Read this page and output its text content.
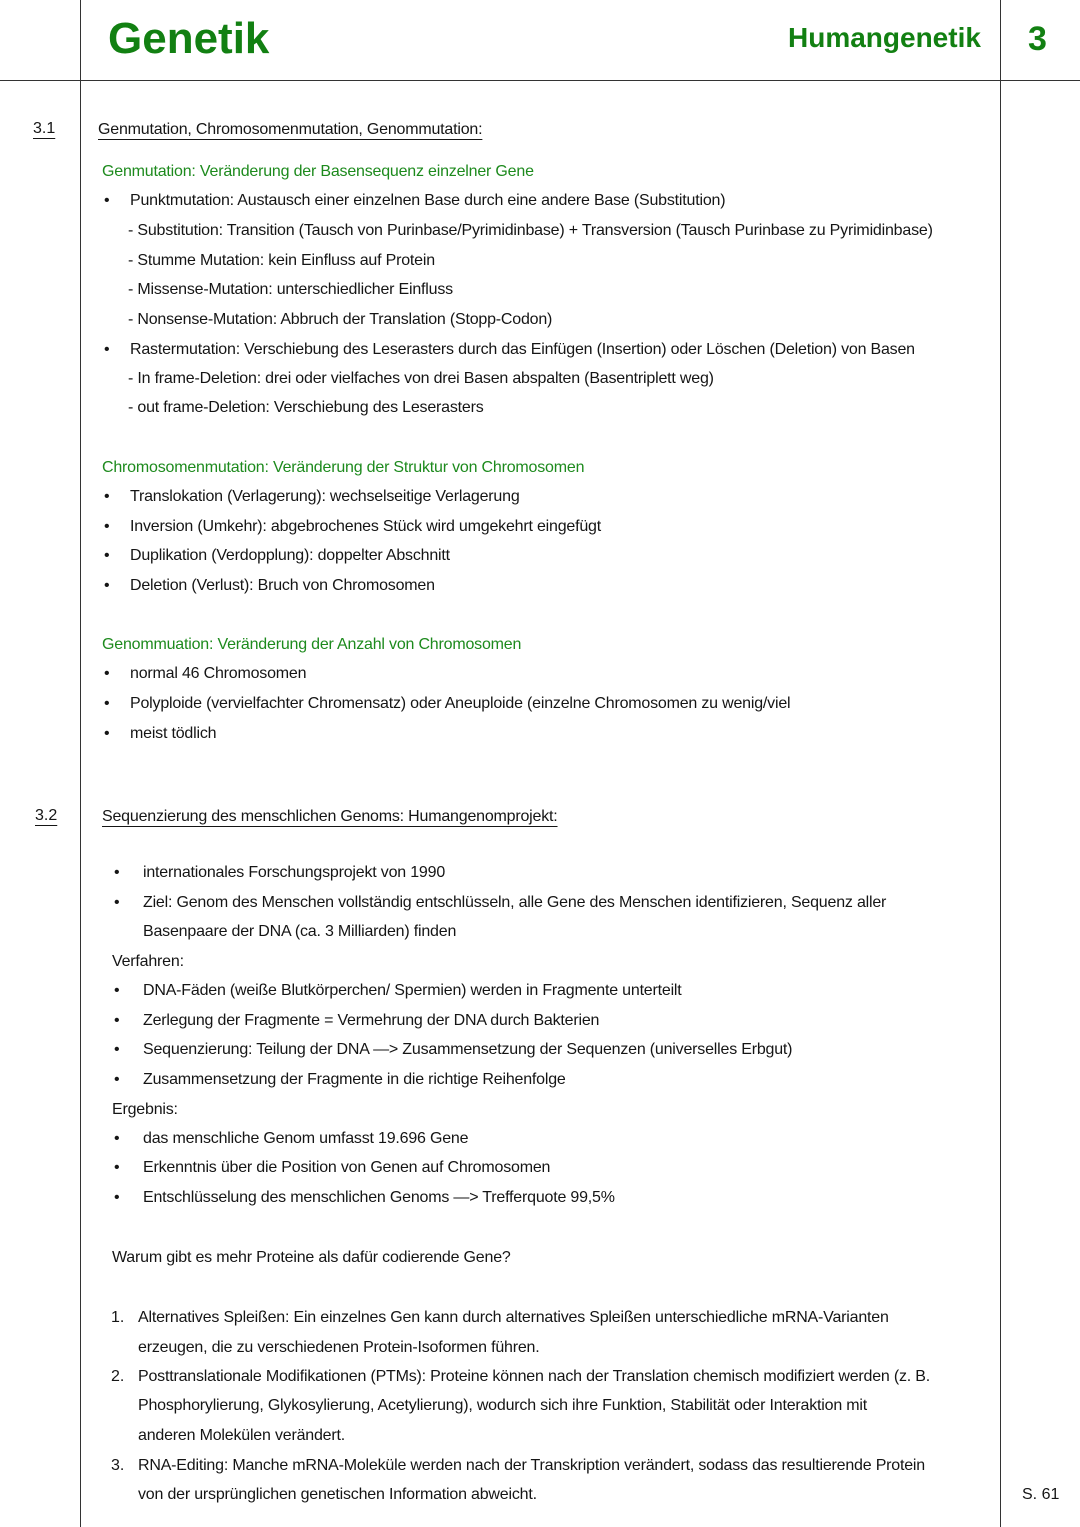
Genetik	Humangenetik 3
3.1
3.2
Genmutation, Chromosomenmutation, Genommutation:
Genmutation: Veränderung der Basensequenz einzelner Gene
• Punktmutation: Austausch einer einzelnen Base durch eine andere Base (Substitution)
- Substitution: Transition (Tausch von Purinbase/Pyrimidinbase) + Transversion (Tausch Purinbase zu Pyrimidinbase)
- Stumme Mutation: kein Einfluss auf Protein
- Missense-Mutation: unterschiedlicher Einfluss
- Nonsense-Mutation: Abbruch der Translation (Stopp-Codon)
• Rastermutation: Verschiebung des Leserasters durch das Einfügen (Insertion) oder Löschen (Deletion) von Basen
- In frame-Deletion: drei oder vielfaches von drei Basen abspalten (Basentriplett weg)
- out frame-Deletion: Verschiebung des Leserasters
Chromosomenmutation: Veränderung der Struktur von Chromosomen
• Translokation (Verlagerung): wechselseitige Verlagerung
• Inversion (Umkehr): abgebrochenes Stück wird umgekehrt eingefügt
• Duplikation (Verdopplung): doppelter Abschnitt
• Deletion (Verlust): Bruch von Chromosomen
Genommuation: Veränderung der Anzahl von Chromosomen
• normal 46 Chromosomen
• Polyploide (vervielfachter Chromensatz) oder Aneuploide (einzelne Chromosomen zu wenig/viel
• meist tödlich
Sequenzierung des menschlichen Genoms: Humangenomprojekt:
• internationales Forschungsprojekt von 1990
• Ziel: Genom des Menschen vollständig entschlüsseln, alle Gene des Menschen identifizieren, Sequenz aller
Basenpaare der DNA (ca. 3 Milliarden) finden
Verfahren:
• DNA-Fäden (weiße Blutkörperchen/ Spermien) werden in Fragmente unterteilt
• Zerlegung der Fragmente = Vermehrung der DNA durch Bakterien
• Sequenzierung: Teilung der DNA —> Zusammensetzung der Sequenzen (universelles Erbgut)
• Zusammensetzung der Fragmente in die richtige Reihenfolge
Ergebnis:
• das menschliche Genom umfasst 19.696 Gene
• Erkenntnis über die Position von Genen auf Chromosomen
• Entschlüsselung des menschlichen Genoms —> Trefferquote 99,5%
Warum gibt es mehr Proteine als dafür codierende Gene?
1. Alternatives Spleißen: Ein einzelnes Gen kann durch alternatives Spleißen unterschiedliche mRNA-Varianten
erzeugen, die zu verschiedenen Protein-Isoformen führen.
2. Posttranslationale Modifikationen (PTMs): Proteine können nach der Translation chemisch modifiziert werden (z. B.
Phosphorylierung, Glykosylierung, Acetylierung), wodurch sich ihre Funktion, Stabilität oder Interaktion mit
anderen Molekülen verändert.
3. RNA-Editing: Manche mRNA-Moleküle werden nach der Transkription verändert, sodass das resultierende Protein
von der ursprünglichen genetischen Information abweicht.	S. 61
